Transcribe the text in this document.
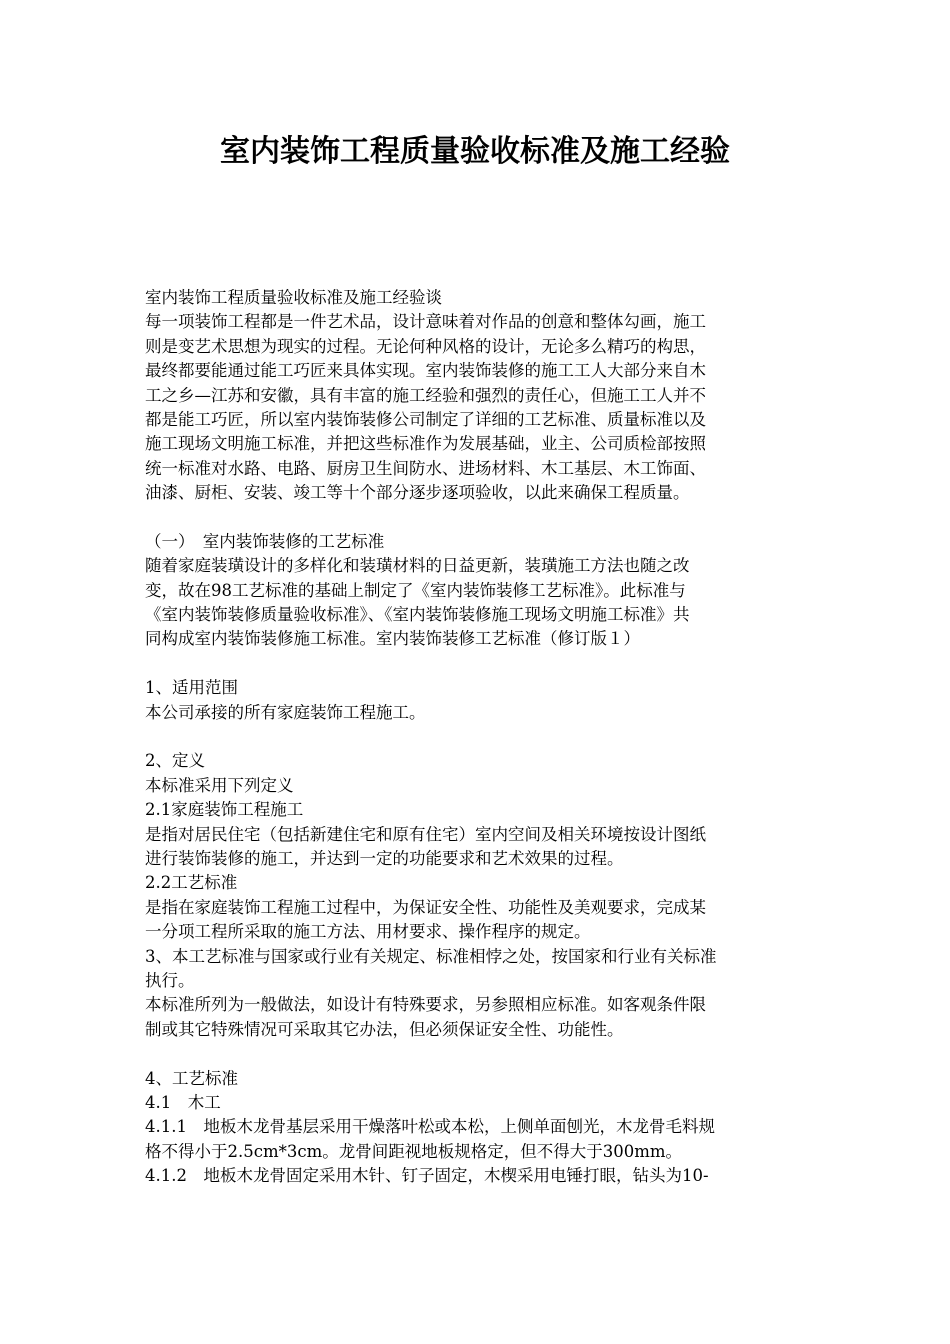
室内装饰工程质量验收标准及施工经验
室内装饰工程质量验收标准及施工经验谈
每一项装饰工程都是一件艺术品，设计意味着对作品的创意和整体勾画，施工
则是变艺术思想为现实的过程。无论何种风格的设计，无论多么精巧的构思，
最终都要能通过能工巧匠来具体实现。室内装饰装修的施工工人大部分来自木
工之乡—江苏和安徽，具有丰富的施工经验和强烈的责任心，但施工工人并不
都是能工巧匠，所以室内装饰装修公司制定了详细的工艺标准、质量标准以及
施工现场文明施工标准，并把这些标准作为发展基础，业主、公司质检部按照
统一标准对水路、电路、厨房卫生间防水、进场材料、木工基层、木工饰面、
油漆、厨柜、安装、竣工等十个部分逐步逐项验收，以此来确保工程质量。
（一）　室内装饰装修的工艺标准
随着家庭装璜设计的多样化和装璜材料的日益更新，装璜施工方法也随之改
变，故在98工艺标准的基础上制定了《室内装饰装修工艺标准》。此标准与
《室内装饰装修质量验收标准》、《室内装饰装修施工现场文明施工标准》共
同构成室内装饰装修施工标准。室内装饰装修工艺标准（修订版１）
1、适用范围
本公司承接的所有家庭装饰工程施工。
2、定义
本标准采用下列定义
2.1家庭装饰工程施工
是指对居民住宅（包括新建住宅和原有住宅）室内空间及相关环境按设计图纸
进行装饰装修的施工，并达到一定的功能要求和艺术效果的过程。
2.2工艺标准
是指在家庭装饰工程施工过程中，为保证安全性、功能性及美观要求，完成某
一分项工程所采取的施工方法、用材要求、操作程序的规定。
3、本工艺标准与国家或行业有关规定、标准相悖之处，按国家和行业有关标准
执行。
本标准所列为一般做法，如设计有特殊要求，另参照相应标准。如客观条件限
制或其它特殊情况可采取其它办法，但必须保证安全性、功能性。
4、工艺标准
4.1　木工
4.1.1　地板木龙骨基层采用干燥落叶松或本松，上侧单面刨光，木龙骨毛料规
格不得小于2.5cm*3cm。龙骨间距视地板规格定，但不得大于300mm。
4.1.2　地板木龙骨固定采用木针、钉子固定，木楔采用电锤打眼，钻头为10-
